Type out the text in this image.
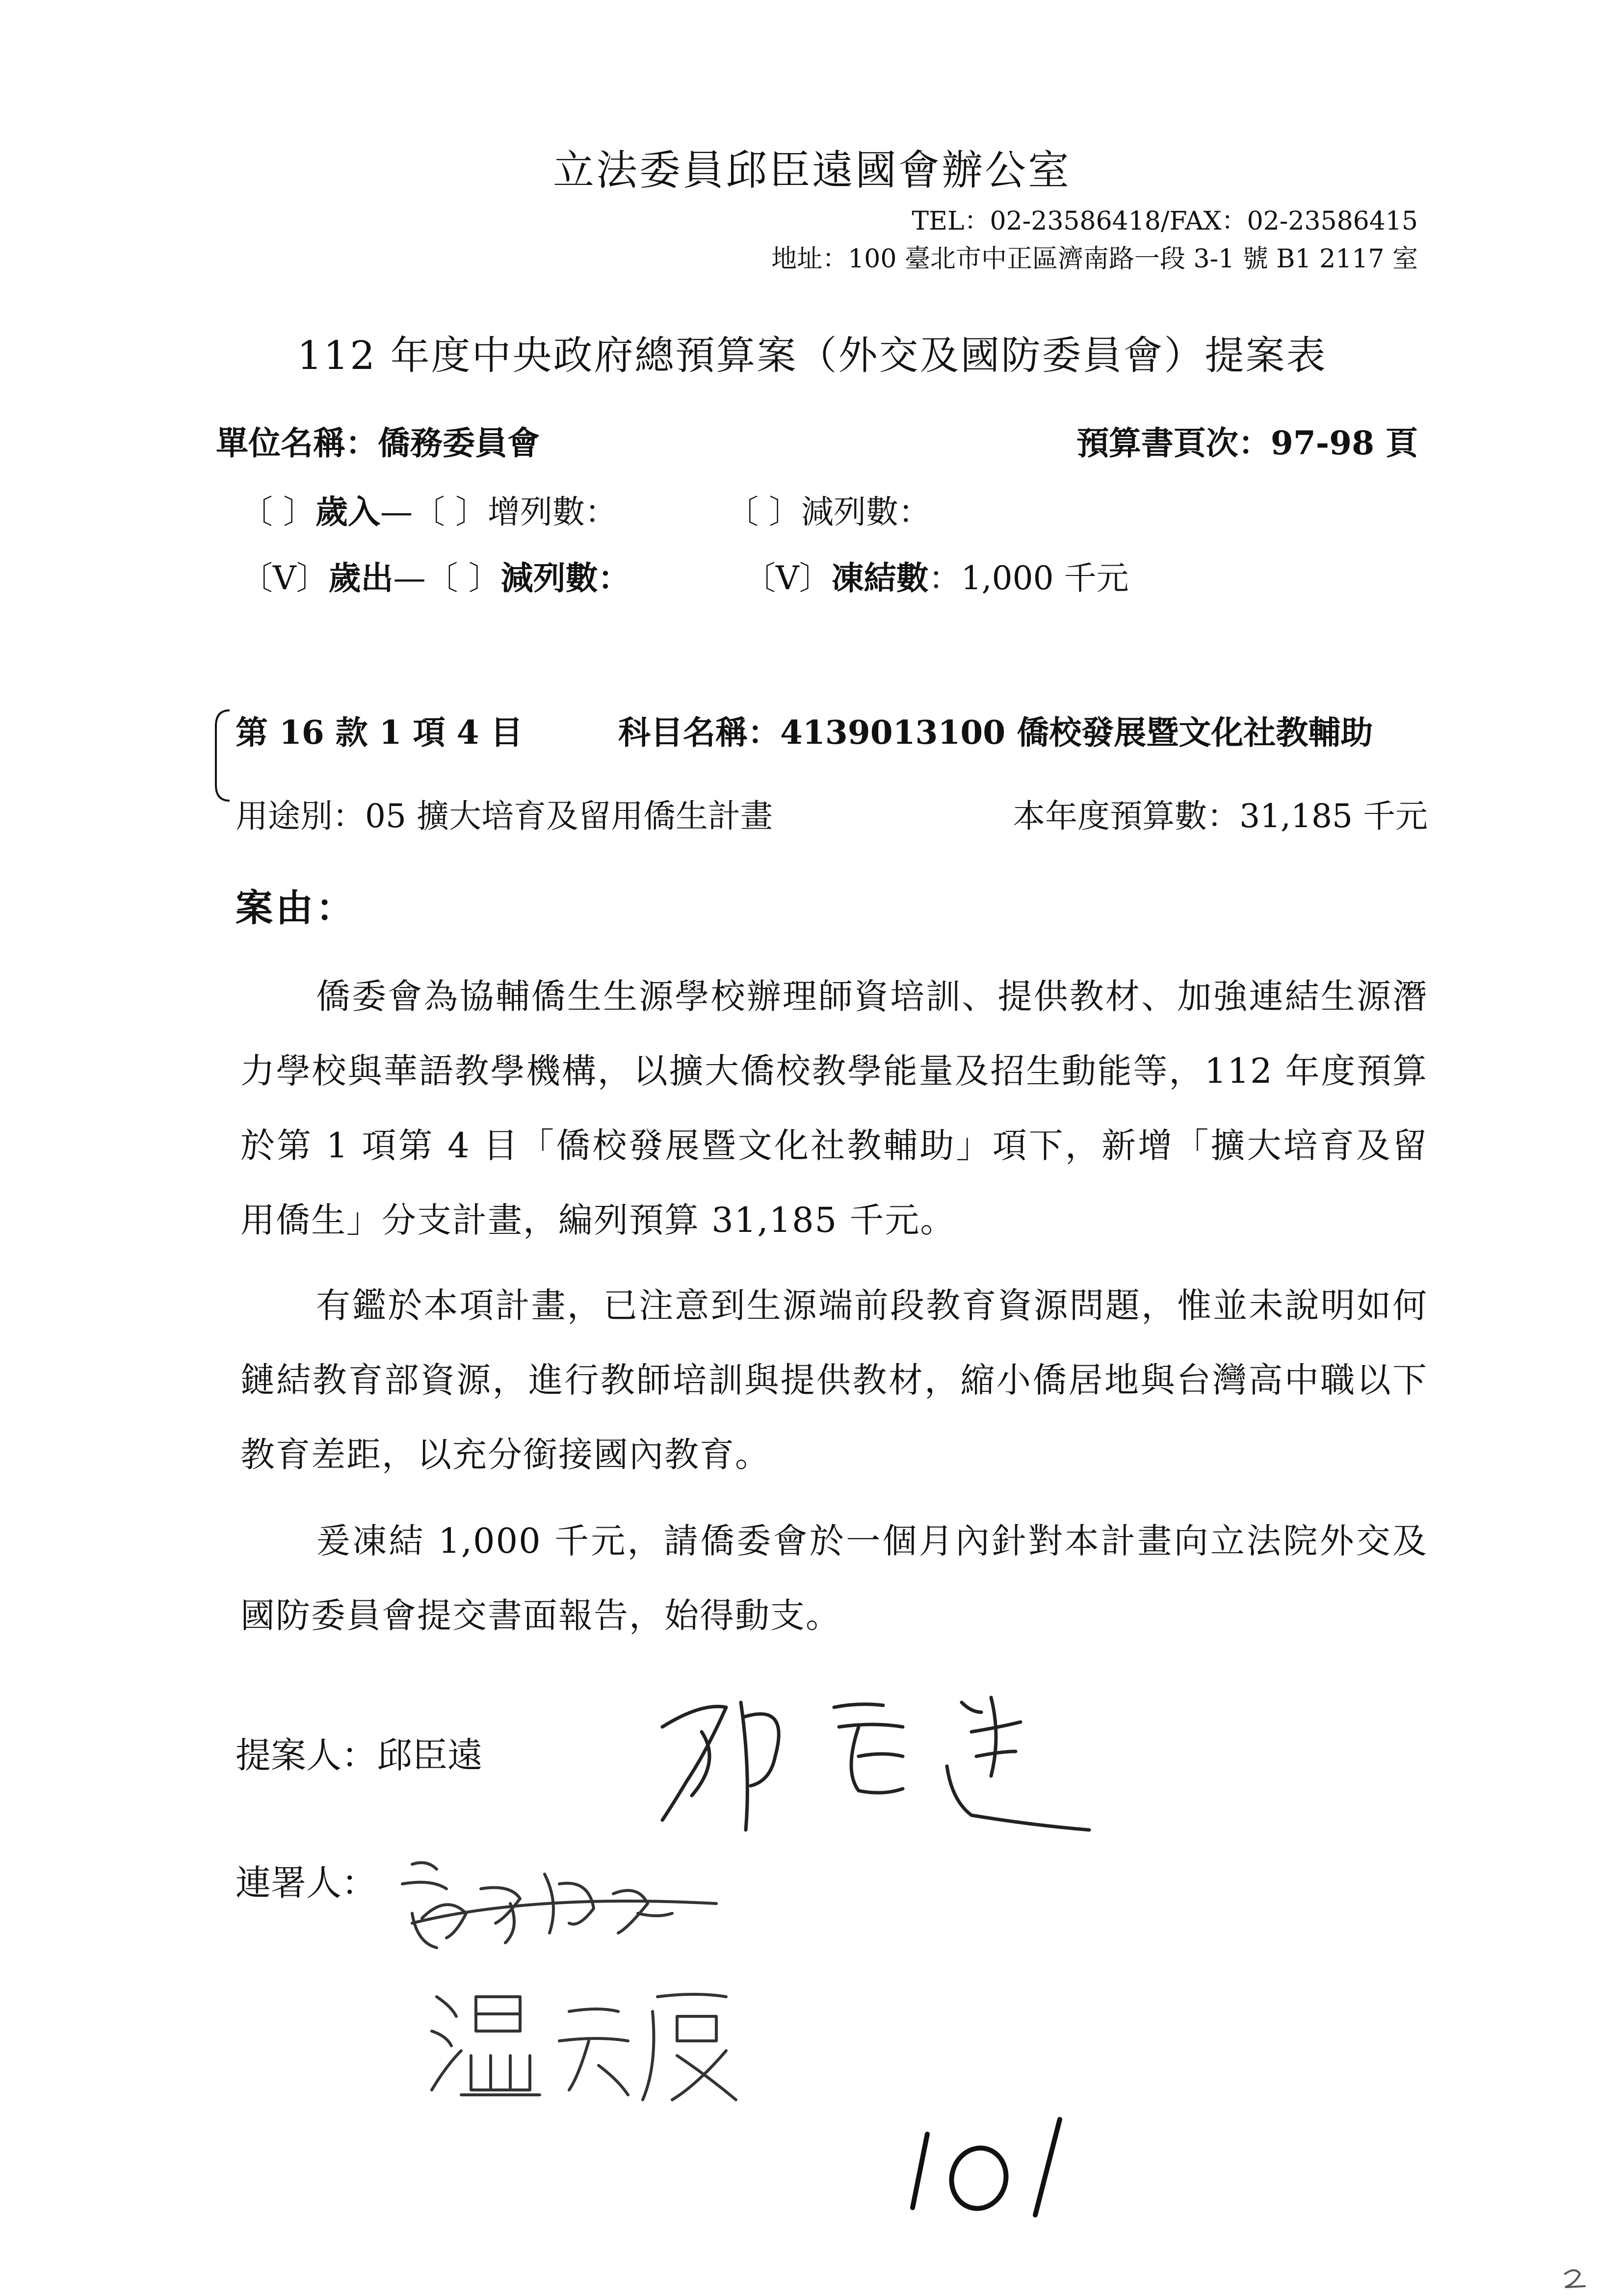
立法委員邱臣遠國會辦公室
TEL：02-23586418/FAX：02-23586415
地址：100 臺北市中正區濟南路一段 3-1 號 B1 2117 室
112 年度中央政府總預算案（外交及國防委員會）提案表
單位名稱：僑務委員會	預算書頁次：97-98 頁
〔 〕歲入—〔 〕增列數：	〔 〕減列數：
〔V〕歲出—〔 〕減列數：	〔V〕凍結數：1,000 千元
第 16 款 1 項 4 目	科目名稱：4139013100 僑校發展暨文化社教輔助
用途別：05 擴大培育及留用僑生計畫	本年度預算數：31,185 千元
案由：

僑委會為協輔僑生生源學校辦理師資培訓、提供教材、加強連結生源潛力學校與華語教學機構，以擴大僑校教學能量及招生動能等，112 年度預算於第 1 項第 4 目「僑校發展暨文化社教輔助」項下，新增「擴大培育及留用僑生」分支計畫，編列預算 31,185 千元。

有鑑於本項計畫，已注意到生源端前段教育資源問題，惟並未說明如何鏈結教育部資源，進行教師培訓與提供教材，縮小僑居地與台灣高中職以下教育差距，以充分銜接國內教育。

爰凍結 1,000 千元，請僑委會於一個月內針對本計畫向立法院外交及國防委員會提交書面報告，始得動支。

提案人：邱臣遠
連署人：
